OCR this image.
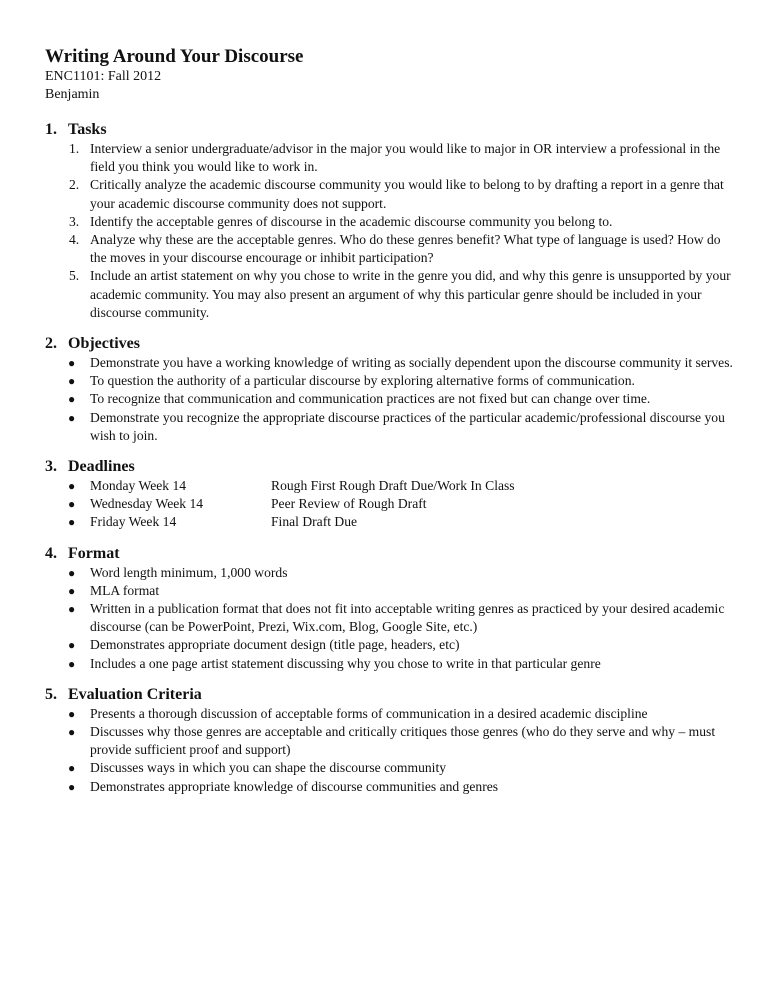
Writing Around Your Discourse

ENC1101: Fall 2012

Benjamin

1. Tasks
1. Interview a senior undergraduate/advisor in the major you would like to major in OR interview a professional in the field you think you would like to work in.
2. Critically analyze the academic discourse community you would like to belong to by drafting a report in a genre that your academic discourse community does not support.
3. Identify the acceptable genres of discourse in the academic discourse community you belong to.
4. Analyze why these are the acceptable genres. Who do these genres benefit? What type of language is used? How do the moves in your discourse encourage or inhibit participation?
5. Include an artist statement on why you chose to write in the genre you did, and why this genre is unsupported by your academic community. You may also present an argument of why this particular genre should be included in your discourse community.
2. Objectives
● Demonstrate you have a working knowledge of writing as socially dependent upon the discourse community it serves.
● To question the authority of a particular discourse by exploring alternative forms of communication.
● To recognize that communication and communication practices are not fixed but can change over time.
● Demonstrate you recognize the appropriate discourse practices of the particular academic/professional discourse you wish to join.
3. Deadlines
● Monday Week 14	Rough First Rough Draft Due/Work In Class
● Wednesday Week 14	Peer Review of Rough Draft
● Friday Week 14	Final Draft Due
4. Format
● Word length minimum, 1,000 words
● MLA format
● Written in a publication format that does not fit into acceptable writing genres as practiced by your desired academic discourse (can be PowerPoint, Prezi, Wix.com, Blog, Google Site, etc.)
● Demonstrates appropriate document design (title page, headers, etc)
● Includes a one page artist statement discussing why you chose to write in that particular genre
5. Evaluation Criteria
● Presents a thorough discussion of acceptable forms of communication in a desired academic discipline
● Discusses why those genres are acceptable and critically critiques those genres (who do they serve and why – must provide sufficient proof and support)
● Discusses ways in which you can shape the discourse community
● Demonstrates appropriate knowledge of discourse communities and genres
